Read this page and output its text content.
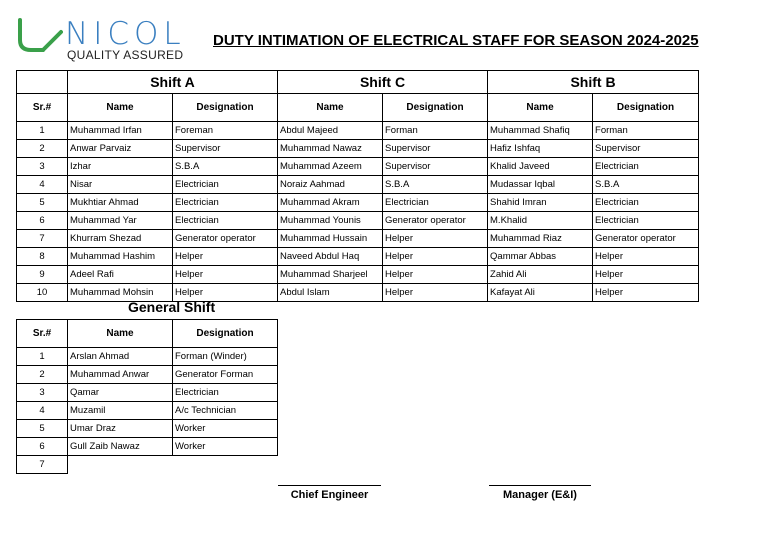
NICOL
QUALITY ASSURED
DUTY INTIMATION OF ELECTRICAL STAFF FOR SEASON 2024-2025
	Shift A		Shift C		Shift B	
Sr.#	Name	Designation	Name	Designation	Name	Designation
1	Muhammad Irfan	Foreman	Abdul Majeed	Forman	Muhammad Shafiq	Forman
2	Anwar Parvaiz	Supervisor	Muhammad Nawaz	Supervisor	Hafiz Ishfaq	Supervisor
3	Izhar	S.B.A	Muhammad Azeem	Supervisor	Khalid Javeed	Electrician
4	Nisar	Electrician	Noraiz Aahmad	S.B.A	Mudassar Iqbal	S.B.A
5	Mukhtiar Ahmad	Electrician	Muhammad Akram	Electrician	Shahid Imran	Electrician
6	Muhammad Yar	Electrician	Muhammad Younis	Generator operator	M.Khalid	Electrician
7	Khurram Shezad	Generator operator	Muhammad Hussain	Helper	Muhammad Riaz	Generator operator
8	Muhammad Hashim	Helper	Naveed Abdul Haq	Helper	Qammar Abbas	Helper
9	Adeel Rafi	Helper	Muhammad Sharjeel	Helper	Zahid Ali	Helper
10	Muhammad Mohsin	Helper	Abdul Islam	Helper	Kafayat Ali	Helper
General Shift
Sr.#	Name	Designation
1	Arslan Ahmad	Forman (Winder)
2	Muhammad Anwar	Generator Forman
3	Qamar	Electrician
4	Muzamil	A/c Technician
5	Umar Draz	Worker
6	Gull Zaib Nawaz	Worker
7		
Chief Engineer	Manager (E&I)
